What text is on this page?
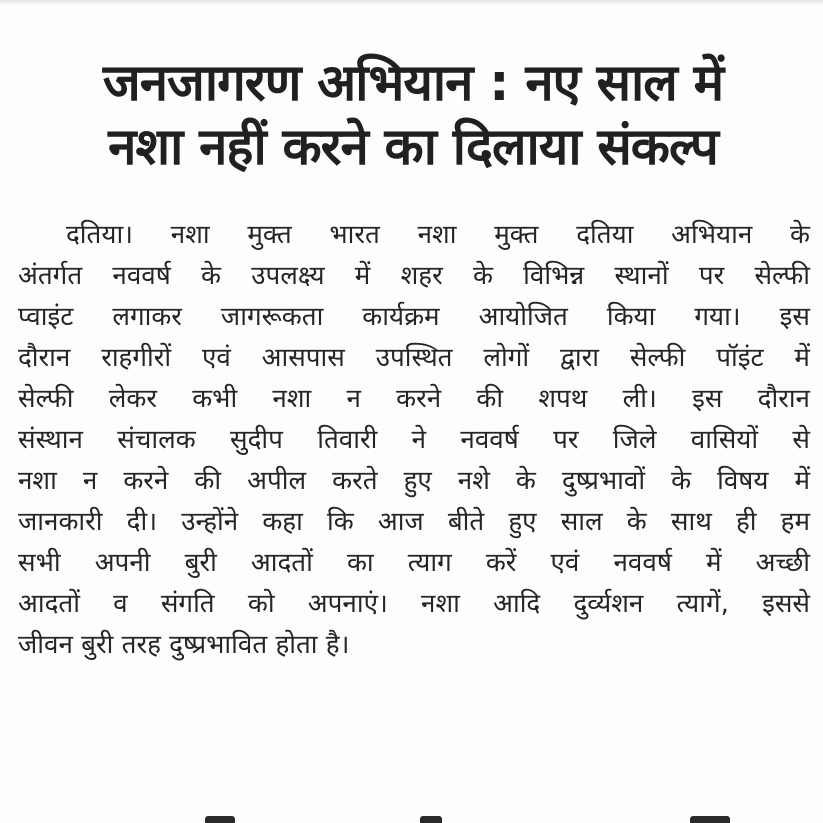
जनजागरण अभियान : नए साल में
नशा नहीं करने का दिलाया संकल्प
दतिया। नशा मुक्त भारत नशा मुक्त दतिया अभियान के
अंतर्गत नववर्ष के उपलक्ष्य में शहर के विभिन्न स्थानों पर सेल्फी
प्वाइंट लगाकर जागरूकता कार्यक्रम आयोजित किया गया। इस
दौरान राहगीरों एवं आसपास उपस्थित लोगों द्वारा सेल्फी पॉइंट में
सेल्फी लेकर कभी नशा न करने की शपथ ली। इस दौरान
संस्थान संचालक सुदीप तिवारी ने नववर्ष पर जिले वासियों से
नशा न करने की अपील करते हुए नशे के दुष्प्रभावों के विषय में
जानकारी दी। उन्होंने कहा कि आज बीते हुए साल के साथ ही हम
सभी अपनी बुरी आदतों का त्याग करें एवं नववर्ष में अच्छी
आदतों व संगति को अपनाएं। नशा आदि दुर्व्यशन त्यागें, इससे
जीवन बुरी तरह दुष्प्रभावित होता है।
